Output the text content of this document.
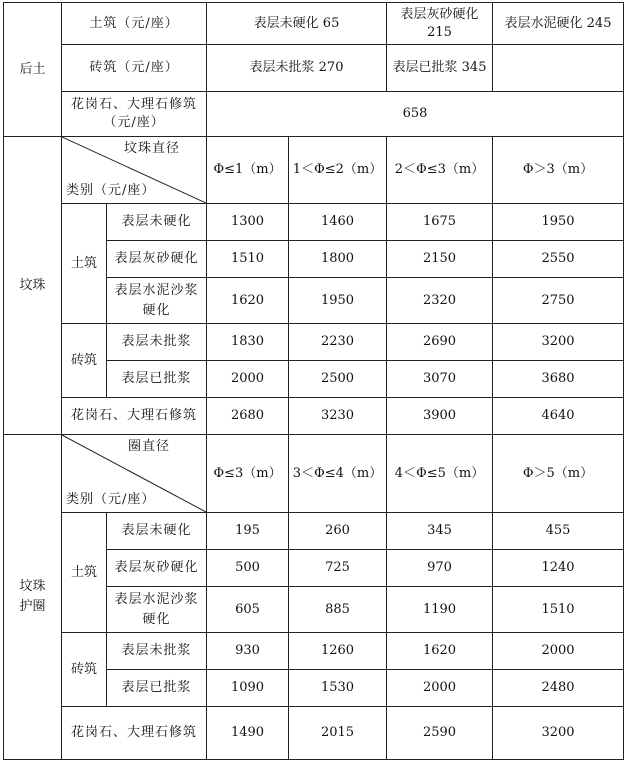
后土	土筑（元/座）		表层未硬化 65		表层灰砂硬化 215	表层水泥硬化 245
	砖筑（元/座）		表层未批浆 270		表层已批浆 345	
	花岗石、大理石修筑（元/座）		658			
坟珠	坟珠直径
类别（元/座）		Φ≤1（m）	1＜Φ≤2（m）	2＜Φ≤3（m）	Φ＞3（m）
	土筑	表层未硬化	1300	1460	1675	1950
		表层灰砂硬化	1510	1800	2150	2550
		表层水泥沙浆硬化	1620	1950	2320	2750
	砖筑	表层未批浆	1830	2230	2690	3200
		表层已批浆	2000	2500	3070	3680
	花岗石、大理石修筑		2680	3230	3900	4640
坟珠护圈	圈直径
类别（元/座）		Φ≤3（m）	3＜Φ≤4（m）	4＜Φ≤5（m）	Φ＞5（m）
	土筑	表层未硬化	195	260	345	455
		表层灰砂硬化	500	725	970	1240
		表层水泥沙浆硬化	605	885	1190	1510
	砖筑	表层未批浆	930	1260	1620	2000
		表层已批浆	1090	1530	2000	2480
	花岗石、大理石修筑		1490	2015	2590	3200
